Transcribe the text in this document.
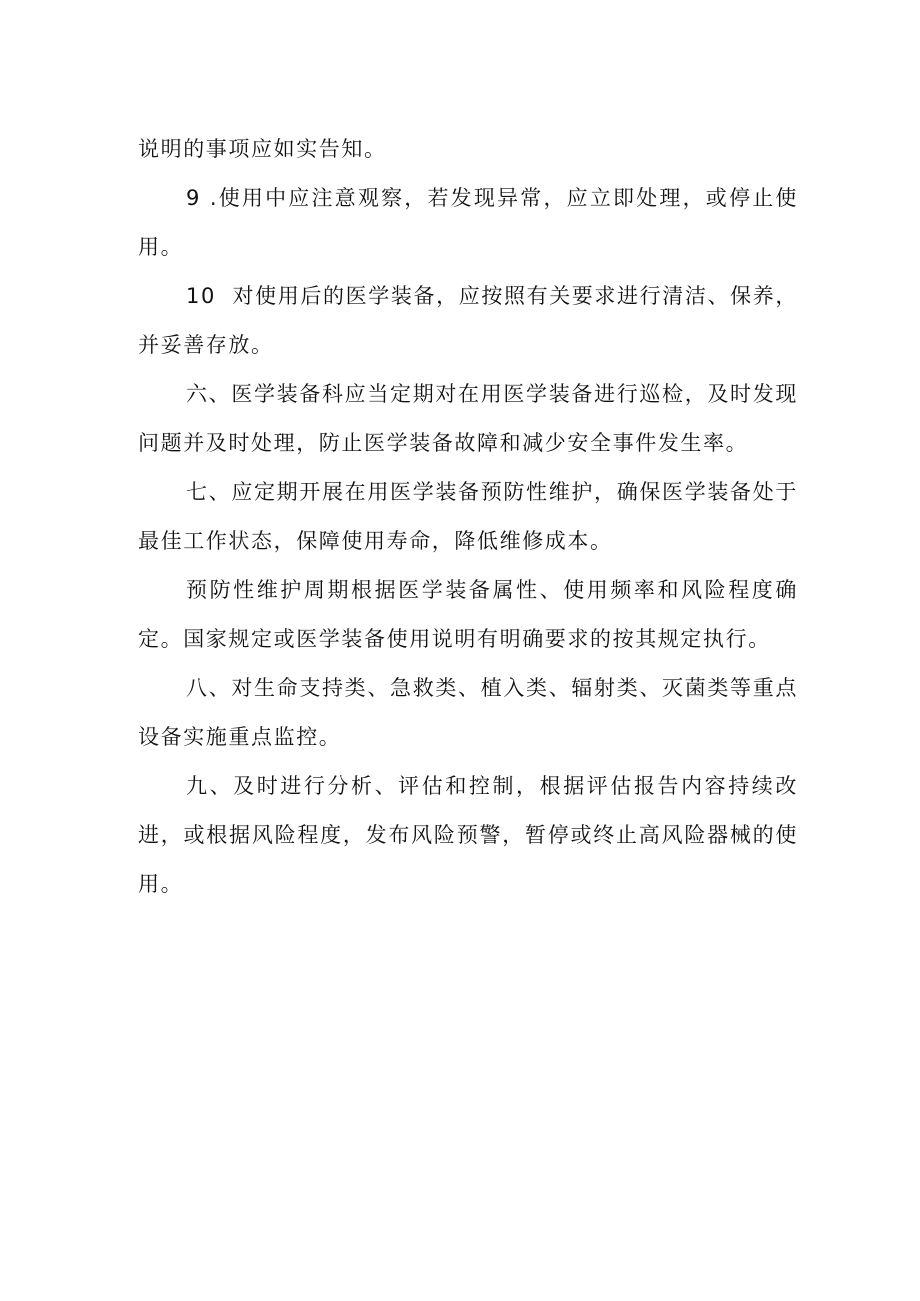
说明的事项应如实告知。

9 .使用中应注意观察，若发现异常，应立即处理，或停止使用。

10  对使用后的医学装备，应按照有关要求进行清洁、保养，并妥善存放。

六、医学装备科应当定期对在用医学装备进行巡检，及时发现问题并及时处理，防止医学装备故障和减少安全事件发生率。

七、应定期开展在用医学装备预防性维护，确保医学装备处于最佳工作状态，保障使用寿命，降低维修成本。

预防性维护周期根据医学装备属性、使用频率和风险程度确定。国家规定或医学装备使用说明有明确要求的按其规定执行。

八、对生命支持类、急救类、植入类、辐射类、灭菌类等重点设备实施重点监控。

九、及时进行分析、评估和控制，根据评估报告内容持续改进，或根据风险程度，发布风险预警，暂停或终止高风险器械的使用。
